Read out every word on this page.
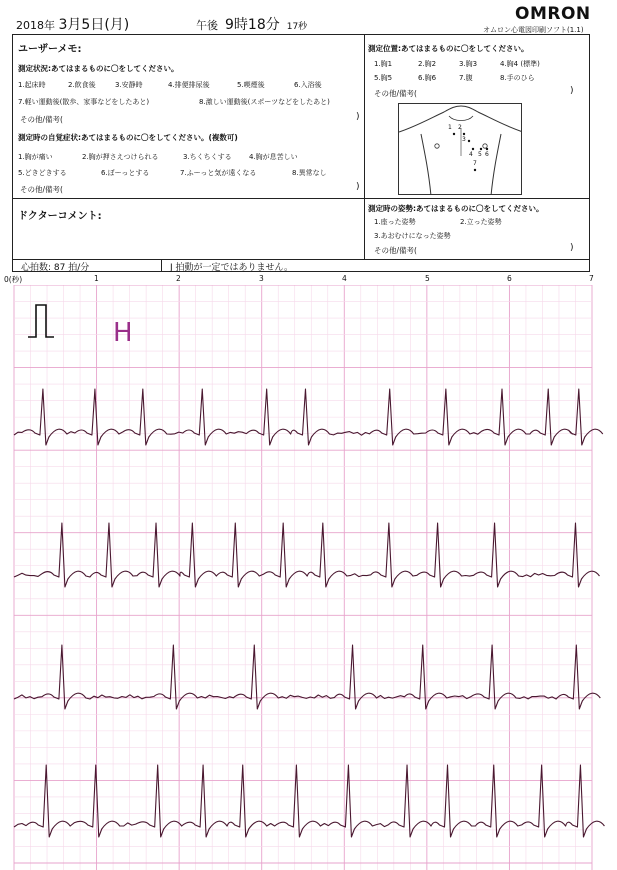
2018年 3月5日(月)	午後 9時18分 17秒
OMRON
オムロン心電図印刷ソフト(1.1)
ユーザーメモ:
測定状況:あてはまるものに〇をしてください。
1.起床時	2.飲食後	3.安静時	4.排便排尿後	5.喫煙後	6.入浴後
7.軽い運動後(散歩、家事などをしたあと)	8.激しい運動後(スポーツなどをしたあと)
その他/備考(	)
測定時の自覚症状:あてはまるものに〇をしてください。(複数可)
1.胸が痛い	2.胸が押さえつけられる	3.ちくちくする 4.胸が息苦しい
5.どきどきする	6.ぼーっとする	7.ふーっと気が遠くなる	8.異常なし
その他/備考(	)
ドクターコメント:
測定位置:あてはまるものに〇をしてください。
1.胸1	2.胸2	3.胸3	4.胸4 (標準)
5.胸5	6.胸6	7.腹	8.手のひら
その他/備考(	)
1 2
3
4 5 6
7
測定時の姿勢:あてはまるものに〇をしてください。
1.座った姿勢	2.立った姿勢
3.あおむけになった姿勢
その他/備考(	)
心拍数: 87 拍/分	J 拍動が一定ではありません。
0(秒)	1	2	3	4	5	6	7
H
